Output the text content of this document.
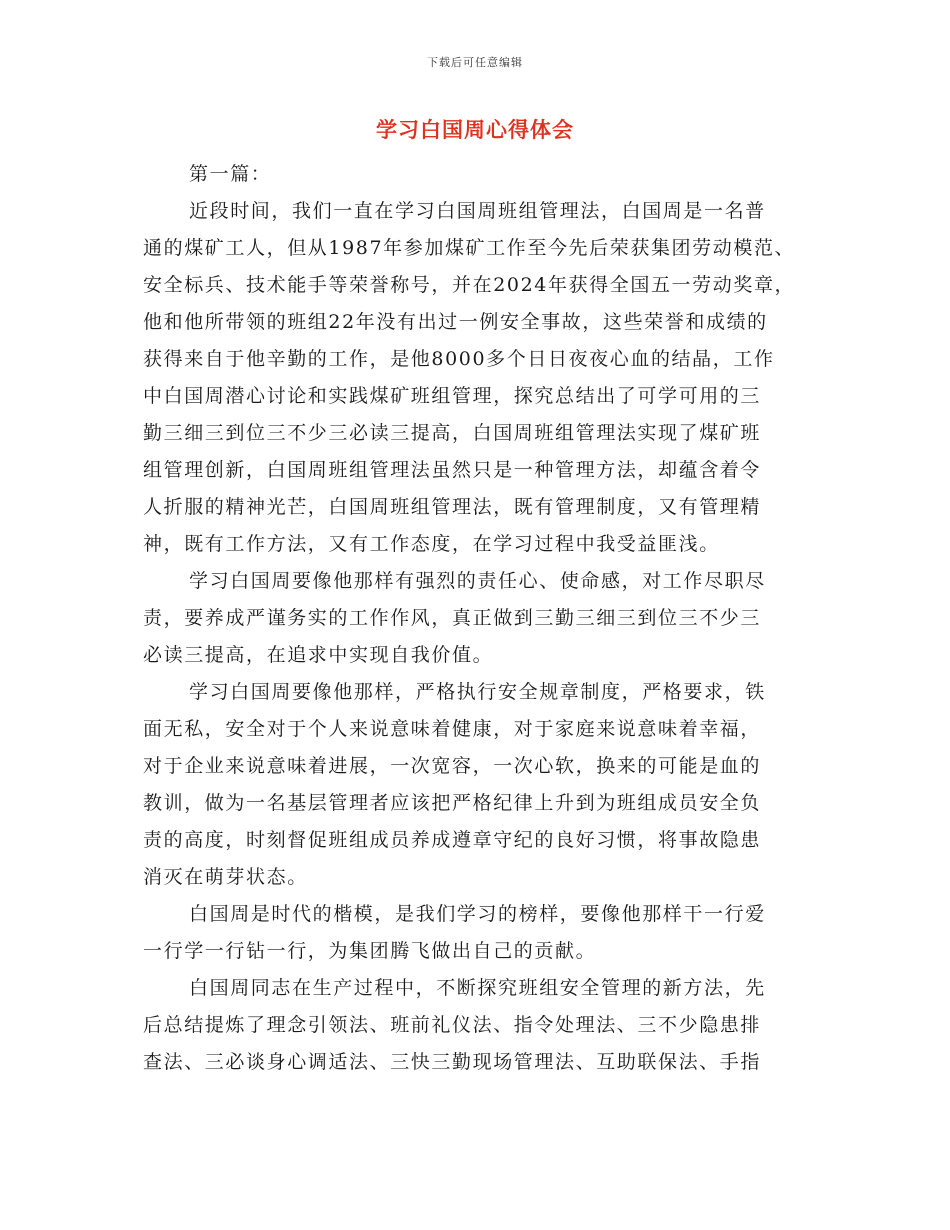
下载后可任意编辑
学习白国周心得体会
第一篇：
近段时间，我们一直在学习白国周班组管理法，白国周是一名普
通的煤矿工人，但从1987年参加煤矿工作至今先后荣获集团劳动模范、
安全标兵、技术能手等荣誉称号，并在2024年获得全国五一劳动奖章，
他和他所带领的班组22年没有出过一例安全事故，这些荣誉和成绩的
获得来自于他辛勤的工作，是他8000多个日日夜夜心血的结晶，工作
中白国周潜心讨论和实践煤矿班组管理，探究总结出了可学可用的三
勤三细三到位三不少三必读三提高，白国周班组管理法实现了煤矿班
组管理创新，白国周班组管理法虽然只是一种管理方法，却蕴含着令
人折服的精神光芒，白国周班组管理法，既有管理制度，又有管理精
神，既有工作方法，又有工作态度，在学习过程中我受益匪浅。
学习白国周要像他那样有强烈的责任心、使命感，对工作尽职尽
责，要养成严谨务实的工作作风，真正做到三勤三细三到位三不少三
必读三提高，在追求中实现自我价值。
学习白国周要像他那样，严格执行安全规章制度，严格要求，铁
面无私，安全对于个人来说意味着健康，对于家庭来说意味着幸福，
对于企业来说意味着进展，一次宽容，一次心软，换来的可能是血的
教训，做为一名基层管理者应该把严格纪律上升到为班组成员安全负
责的高度，时刻督促班组成员养成遵章守纪的良好习惯，将事故隐患
消灭在萌芽状态。
白国周是时代的楷模，是我们学习的榜样，要像他那样干一行爱
一行学一行钻一行，为集团腾飞做出自己的贡献。
白国周同志在生产过程中，不断探究班组安全管理的新方法，先
后总结提炼了理念引领法、班前礼仪法、指令处理法、三不少隐患排
查法、三必谈身心调适法、三快三勤现场管理法、互助联保法、手指
